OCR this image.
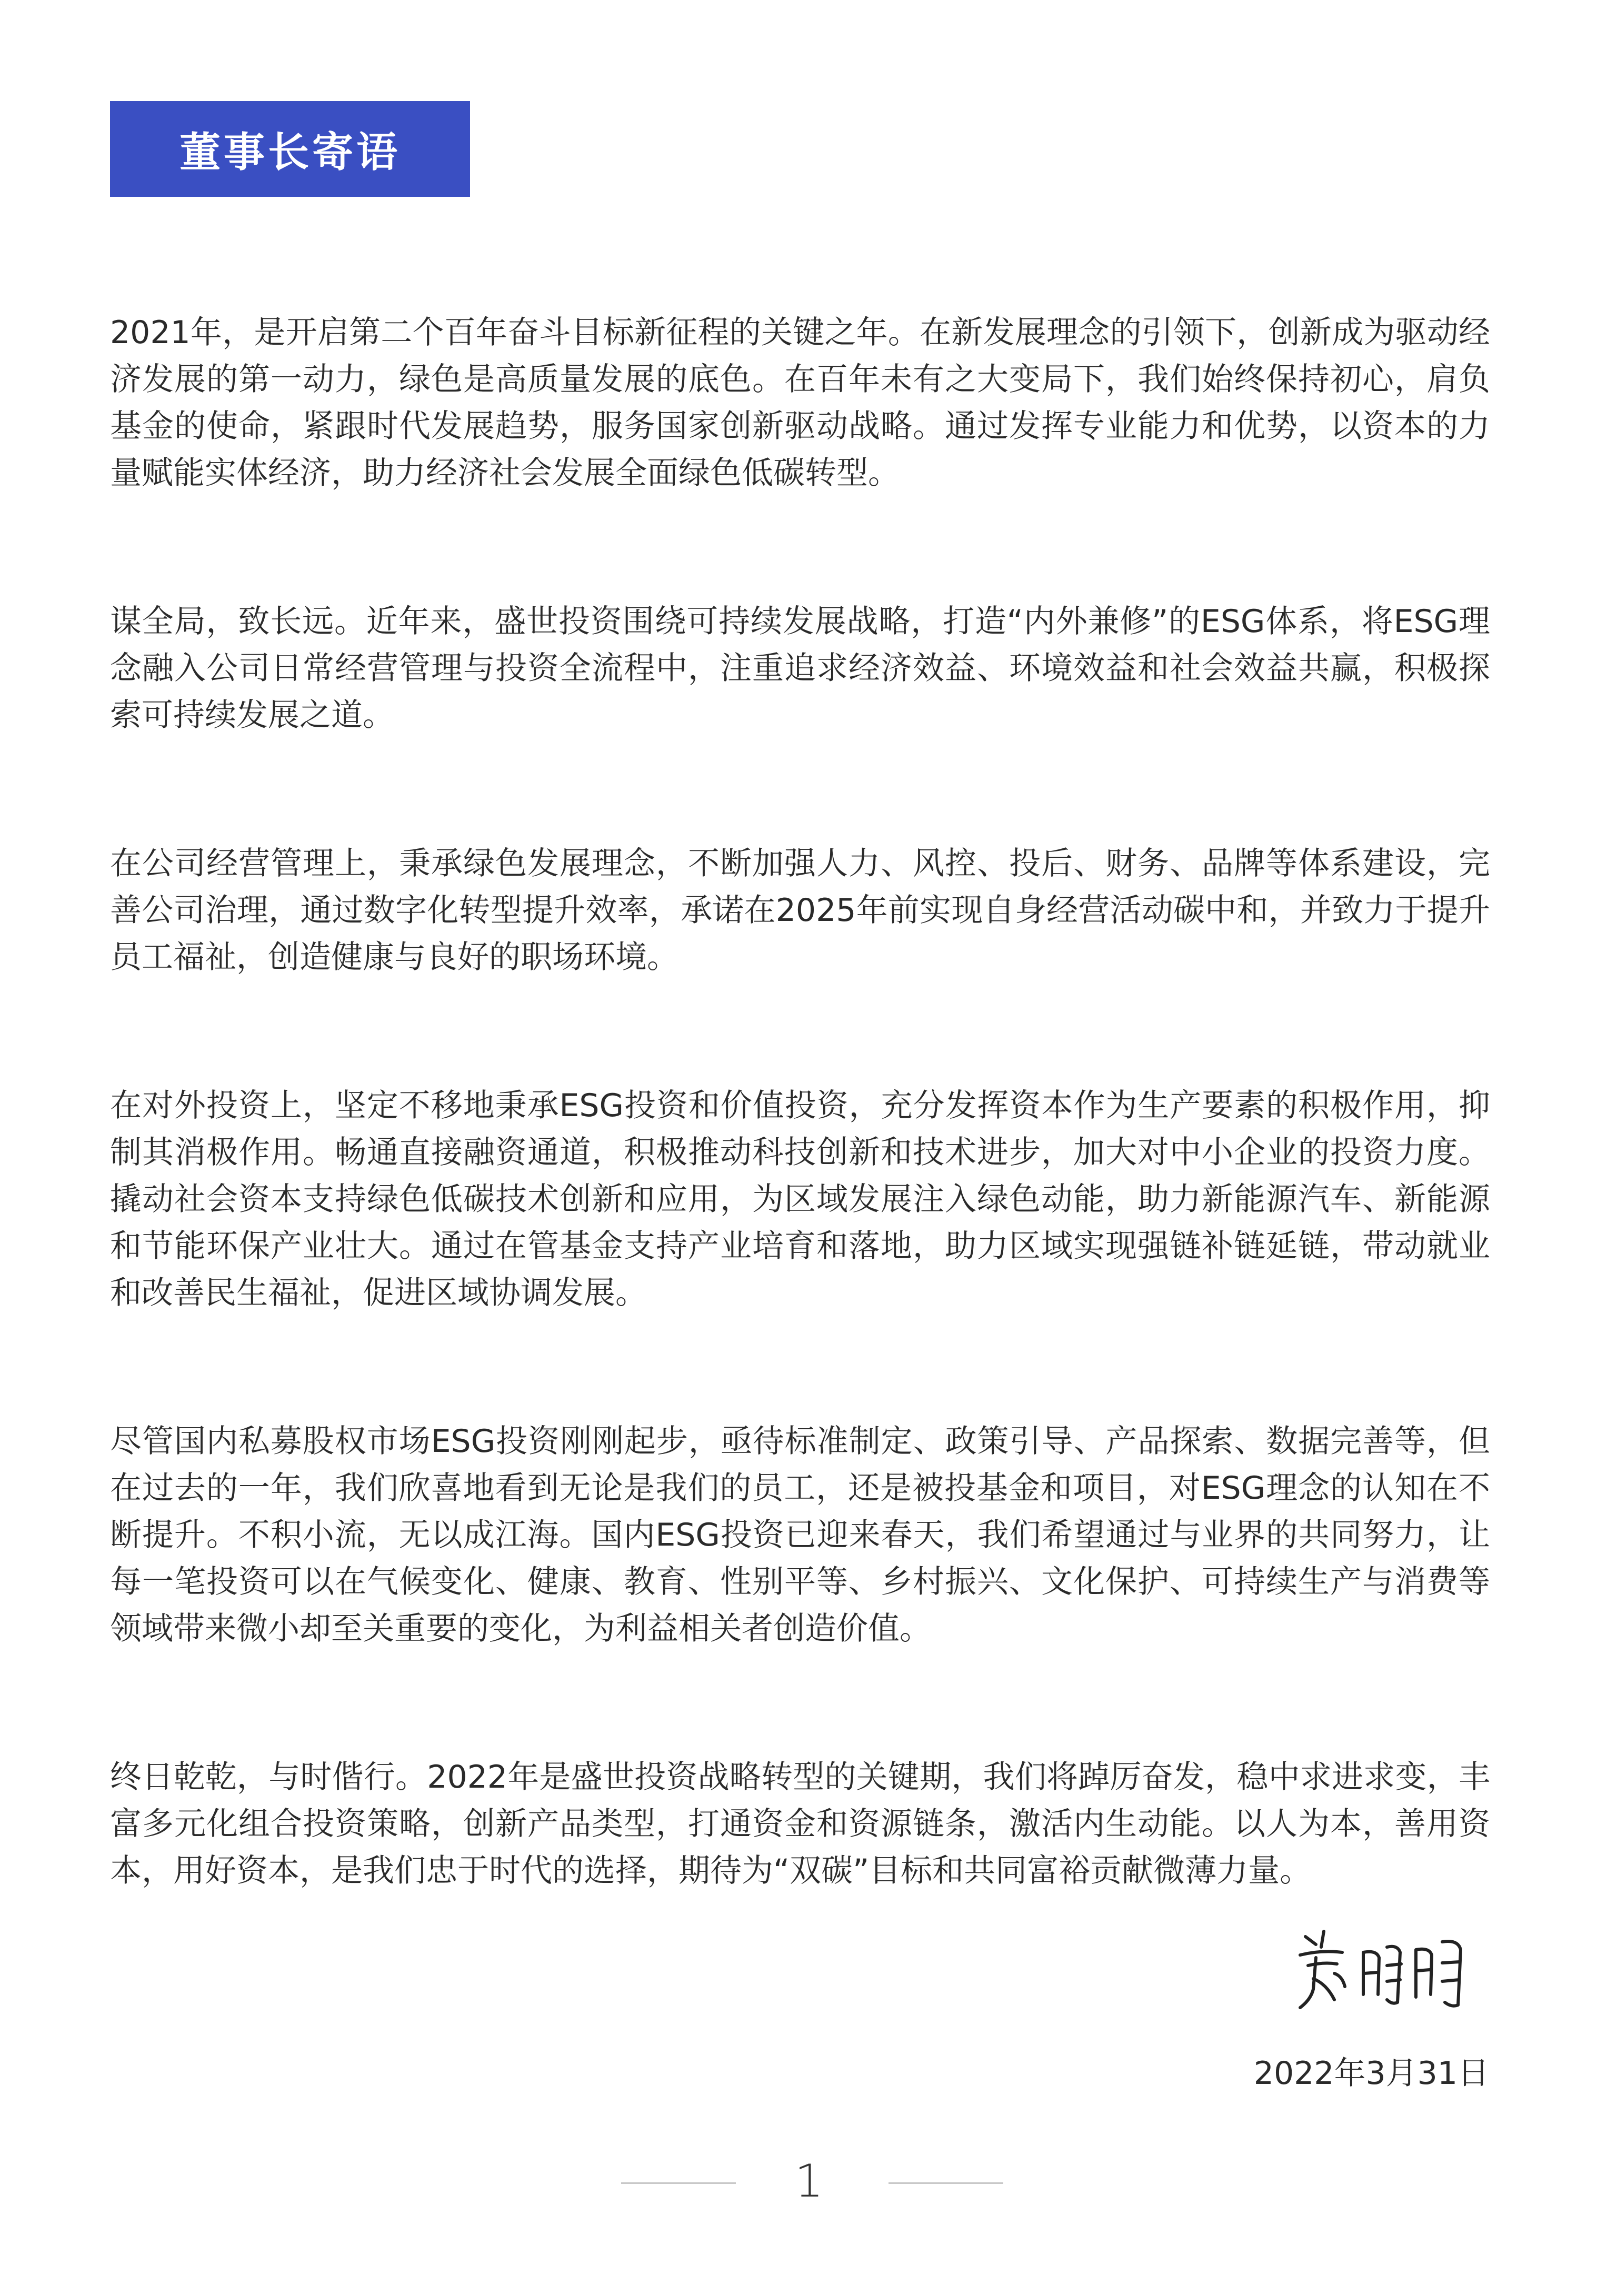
董事长寄语

2021年，是开启第二个百年奋斗目标新征程的关键之年。在新发展理念的引领下，创新成为驱动经济发展的第一动力，绿色是高质量发展的底色。在百年未有之大变局下，我们始终保持初心，肩负基金的使命，紧跟时代发展趋势，服务国家创新驱动战略。通过发挥专业能力和优势，以资本的力量赋能实体经济，助力经济社会发展全面绿色低碳转型。

谋全局，致长远。近年来，盛世投资围绕可持续发展战略，打造“内外兼修”的ESG体系，将ESG理念融入公司日常经营管理与投资全流程中，注重追求经济效益、环境效益和社会效益共赢，积极探索可持续发展之道。

在公司经营管理上，秉承绿色发展理念，不断加强人力、风控、投后、财务、品牌等体系建设，完善公司治理，通过数字化转型提升效率，承诺在2025年前实现自身经营活动碳中和，并致力于提升员工福祉，创造健康与良好的职场环境。

在对外投资上，坚定不移地秉承ESG投资和价值投资，充分发挥资本作为生产要素的积极作用，抑制其消极作用。畅通直接融资通道，积极推动科技创新和技术进步，加大对中小企业的投资力度。撬动社会资本支持绿色低碳技术创新和应用，为区域发展注入绿色动能，助力新能源汽车、新能源和节能环保产业壮大。通过在管基金支持产业培育和落地，助力区域实现强链补链延链，带动就业和改善民生福祉，促进区域协调发展。

尽管国内私募股权市场ESG投资刚刚起步，亟待标准制定、政策引导、产品探索、数据完善等，但在过去的一年，我们欣喜地看到无论是我们的员工，还是被投基金和项目，对ESG理念的认知在不断提升。不积小流，无以成江海。国内ESG投资已迎来春天，我们希望通过与业界的共同努力，让每一笔投资可以在气候变化、健康、教育、性别平等、乡村振兴、文化保护、可持续生产与消费等领域带来微小却至关重要的变化，为利益相关者创造价值。

终日乾乾，与时偕行。2022年是盛世投资战略转型的关键期，我们将踔厉奋发，稳中求进求变，丰富多元化组合投资策略，创新产品类型，打通资金和资源链条，激活内生动能。以人为本，善用资本，用好资本，是我们忠于时代的选择，期待为“双碳”目标和共同富裕贡献微薄力量。

2022年3月31日
1
